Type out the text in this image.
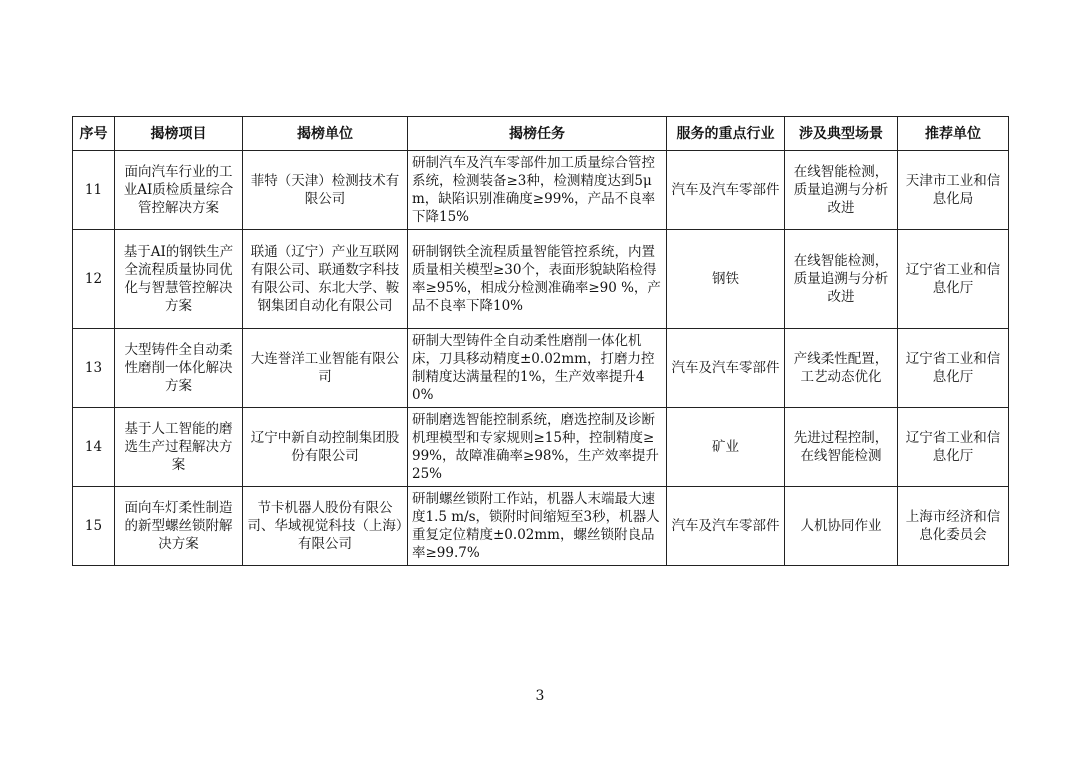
序号	揭榜项目	揭榜单位	揭榜任务	服务的重点行业	涉及典型场景	推荐单位
11	面向汽车行业的工业AI质检质量综合管控解决方案	菲特（天津）检测技术有限公司	研制汽车及汽车零部件加工质量综合管控系统，检测装备≥3种，检测精度达到5μm，缺陷识别准确度≥99%，产品不良率下降15%	汽车及汽车零部件	在线智能检测，质量追溯与分析改进	天津市工业和信息化局
12	基于AI的钢铁生产全流程质量协同优化与智慧管控解决方案	联通（辽宁）产业互联网有限公司、联通数字科技有限公司、东北大学、鞍钢集团自动化有限公司	研制钢铁全流程质量智能管控系统，内置质量相关模型≥30个，表面形貌缺陷检得率≥95%，相成分检测准确率≥90 %，产品不良率下降10%	钢铁	在线智能检测，质量追溯与分析改进	辽宁省工业和信息化厅
13	大型铸件全自动柔性磨削一体化解决方案	大连誉洋工业智能有限公司	研制大型铸件全自动柔性磨削一体化机床，刀具移动精度±0.02mm，打磨力控制精度达满量程的1%，生产效率提升40%	汽车及汽车零部件	产线柔性配置，工艺动态优化	辽宁省工业和信息化厅
14	基于人工智能的磨选生产过程解决方案	辽宁中新自动控制集团股份有限公司	研制磨选智能控制系统，磨选控制及诊断机理模型和专家规则≥15种，控制精度≥99%，故障准确率≥98%，生产效率提升25%	矿业	先进过程控制，在线智能检测	辽宁省工业和信息化厅
15	面向车灯柔性制造的新型螺丝锁附解决方案	节卡机器人股份有限公司、华域视觉科技（上海）有限公司	研制螺丝锁附工作站，机器人末端最大速度1.5 m/s，锁附时间缩短至3秒，机器人重复定位精度±0.02mm，螺丝锁附良品率≥99.7%	汽车及汽车零部件	人机协同作业	上海市经济和信息化委员会
3
